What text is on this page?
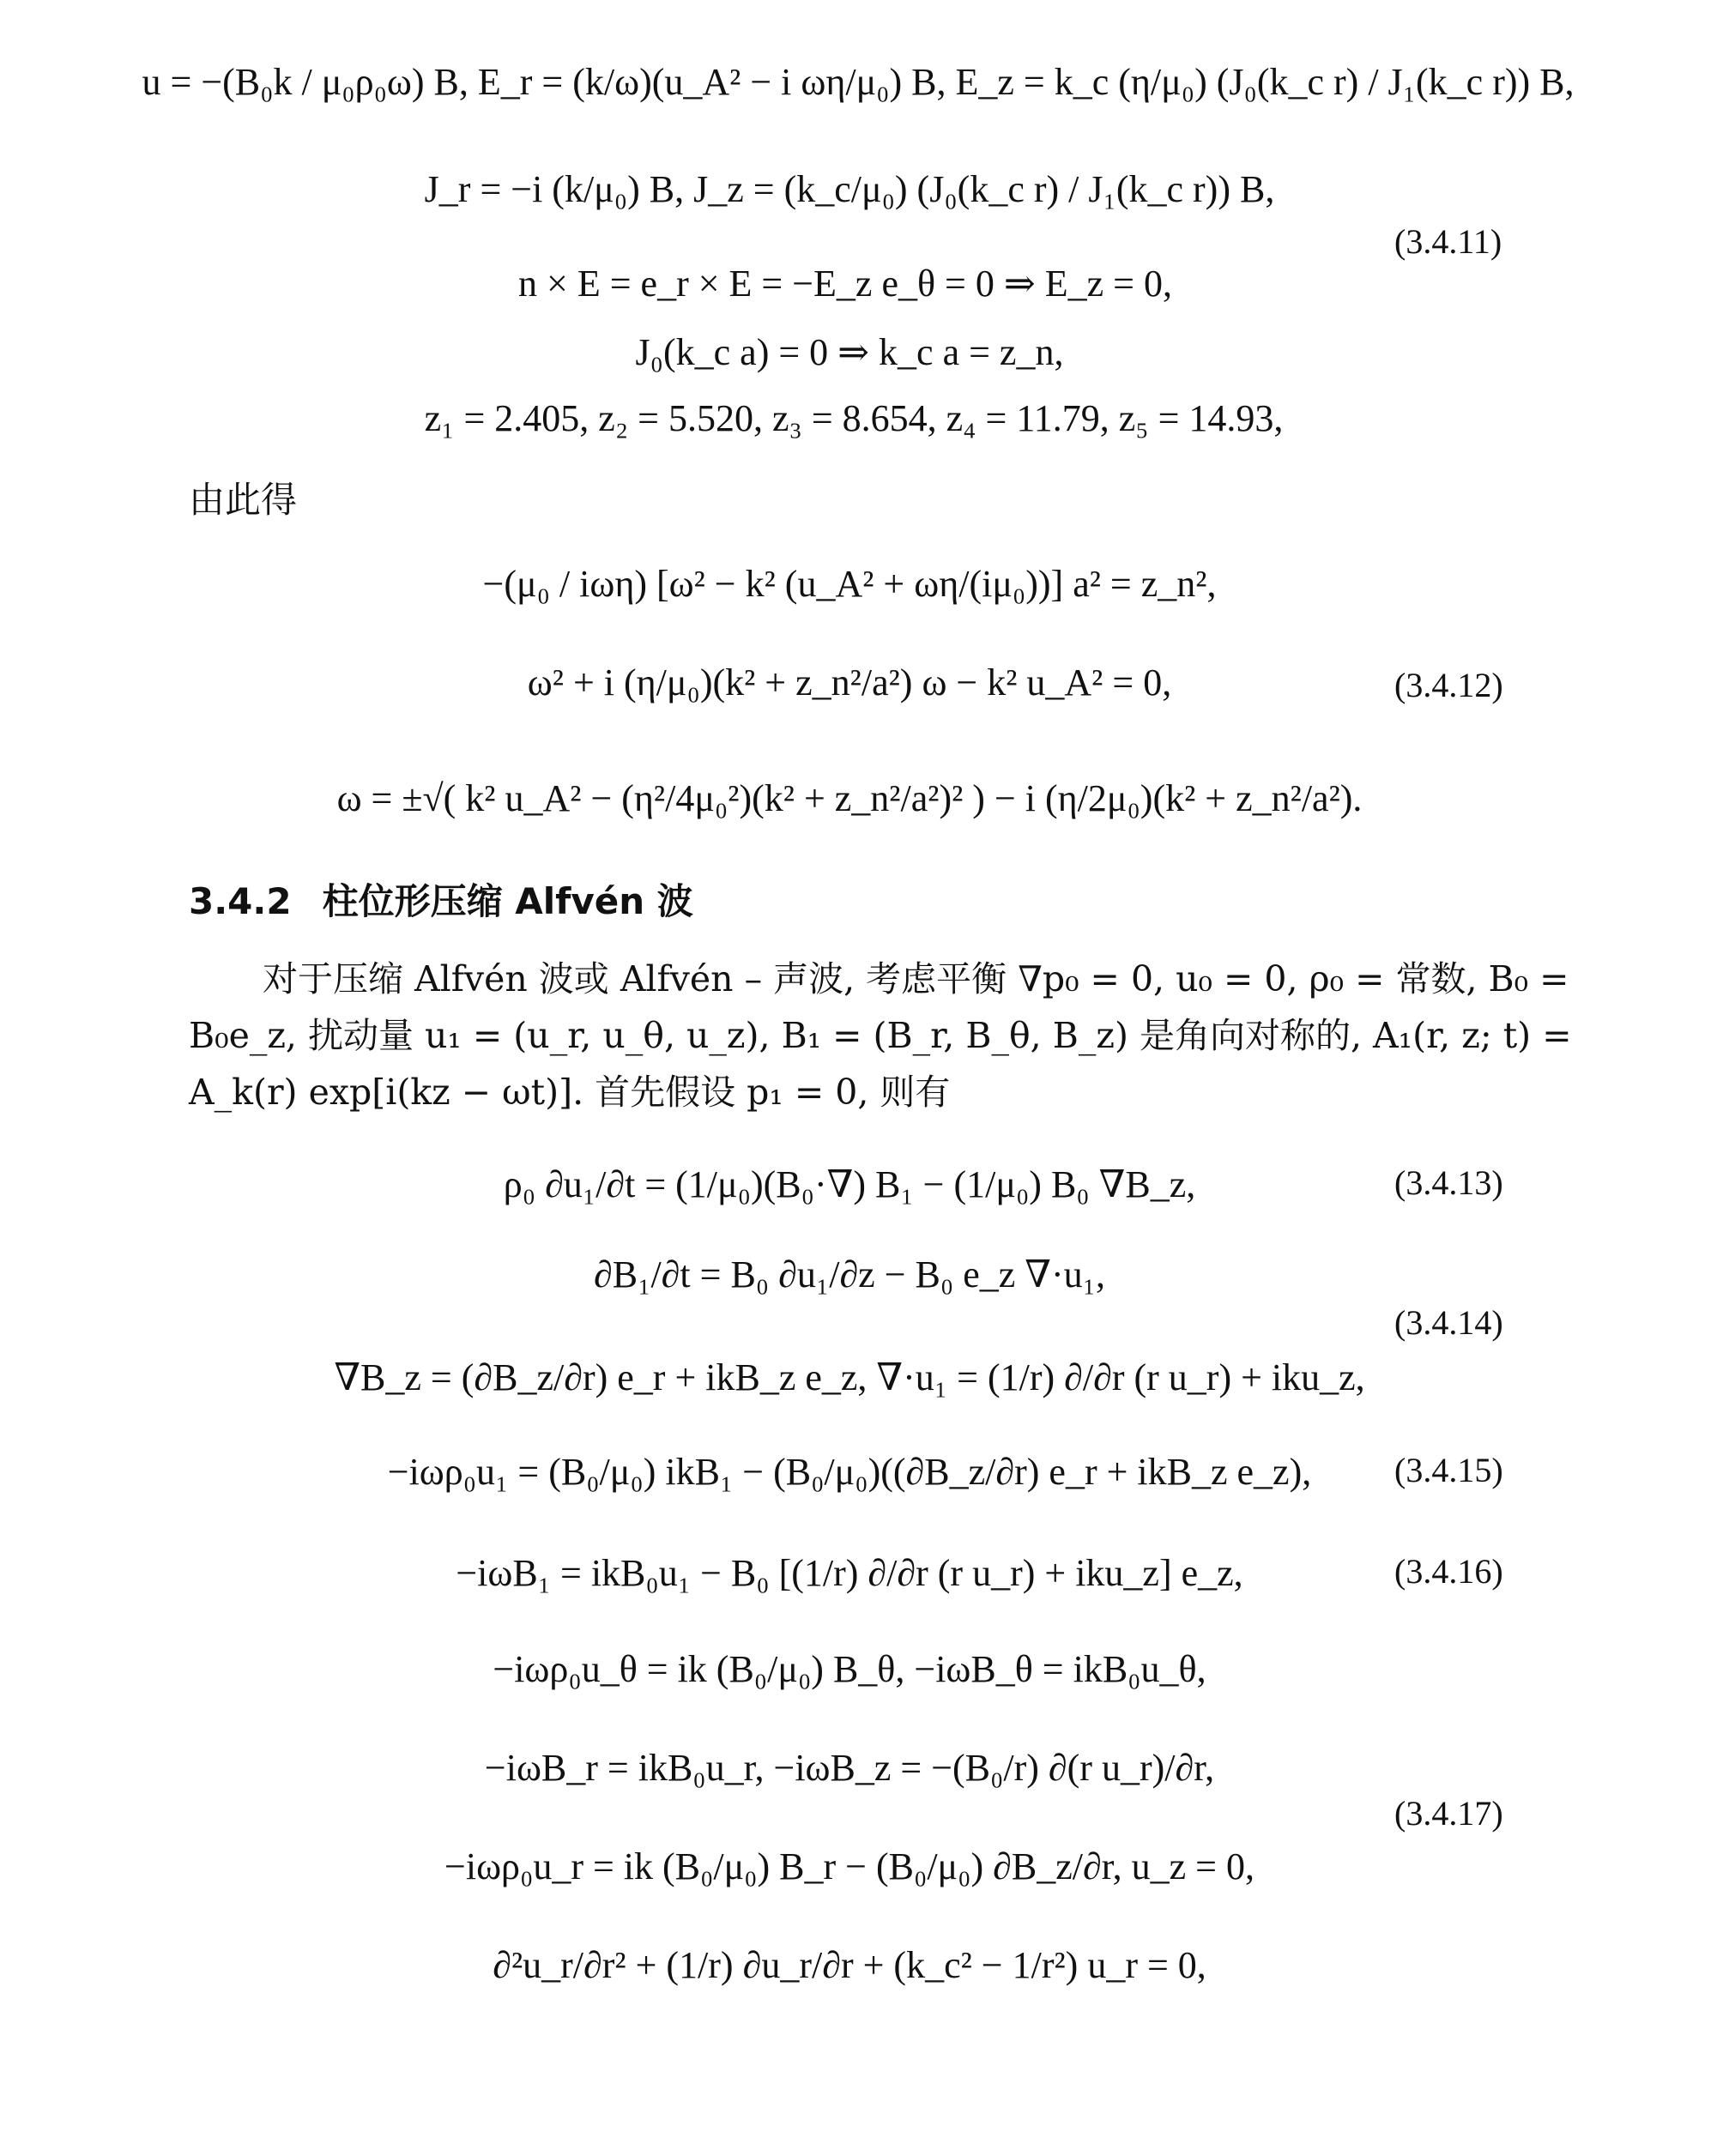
u = −(B₀k / μ₀ρ₀ω) B, E_r = (k/ω)(u_A² − i ωη/μ₀) B, E_z = k_c (η/μ₀) (J₀(k_c r) / J₁(k_c r)) B,
J_r = −i (k/μ₀) B, J_z = (k_c/μ₀) (J₀(k_c r) / J₁(k_c r)) B,
(3.4.11)
n × E = e_r × E = −E_z e_θ = 0 ⇒ E_z = 0,
J₀(k_c a) = 0 ⇒ k_c a = z_n,
z₁ = 2.405, z₂ = 5.520, z₃ = 8.654, z₄ = 11.79, z₅ = 14.93,
由此得
−(μ₀ / iωη) [ω² − k² (u_A² + ωη/(iμ₀))] a² = z_n²,
ω² + i (η/μ₀)(k² + z_n²/a²) ω − k² u_A² = 0,	(3.4.12)
ω = ±√( k² u_A² − (η²/4μ₀²)(k² + z_n²/a²)² ) − i (η/2μ₀)(k² + z_n²/a²).
3.4.2 柱位形压缩 Alfvén 波
对于压缩 Alfvén 波或 Alfvén – 声波, 考虑平衡 ∇p₀ = 0, u₀ = 0, ρ₀ = 常数, B₀ =
B₀e_z, 扰动量 u₁ = (u_r, u_θ, u_z), B₁ = (B_r, B_θ, B_z) 是角向对称的, A₁(r, z; t) =
A_k(r) exp[i(kz − ωt)]. 首先假设 p₁ = 0, 则有
ρ₀ ∂u₁/∂t = (1/μ₀)(B₀·∇) B₁ − (1/μ₀) B₀ ∇B_z,	(3.4.13)
∂B₁/∂t = B₀ ∂u₁/∂z − B₀ e_z ∇·u₁,
(3.4.14)
∇B_z = (∂B_z/∂r) e_r + ikB_z e_z, ∇·u₁ = (1/r) ∂/∂r (r u_r) + iku_z,
−iωρ₀u₁ = (B₀/μ₀) ikB₁ − (B₀/μ₀)((∂B_z/∂r) e_r + ikB_z e_z), (3.4.15)
−iωB₁ = ikB₀u₁ − B₀ [(1/r) ∂/∂r (r u_r) + iku_z] e_z,	(3.4.16)
−iωρ₀u_θ = ik (B₀/μ₀) B_θ, −iωB_θ = ikB₀u_θ,
−iωB_r = ikB₀u_r, −iωB_z = −(B₀/r) ∂(r u_r)/∂r,
(3.4.17)
−iωρ₀u_r = ik (B₀/μ₀) B_r − (B₀/μ₀) ∂B_z/∂r, u_z = 0,
∂²u_r/∂r² + (1/r) ∂u_r/∂r + (k_c² − 1/r²) u_r = 0,
